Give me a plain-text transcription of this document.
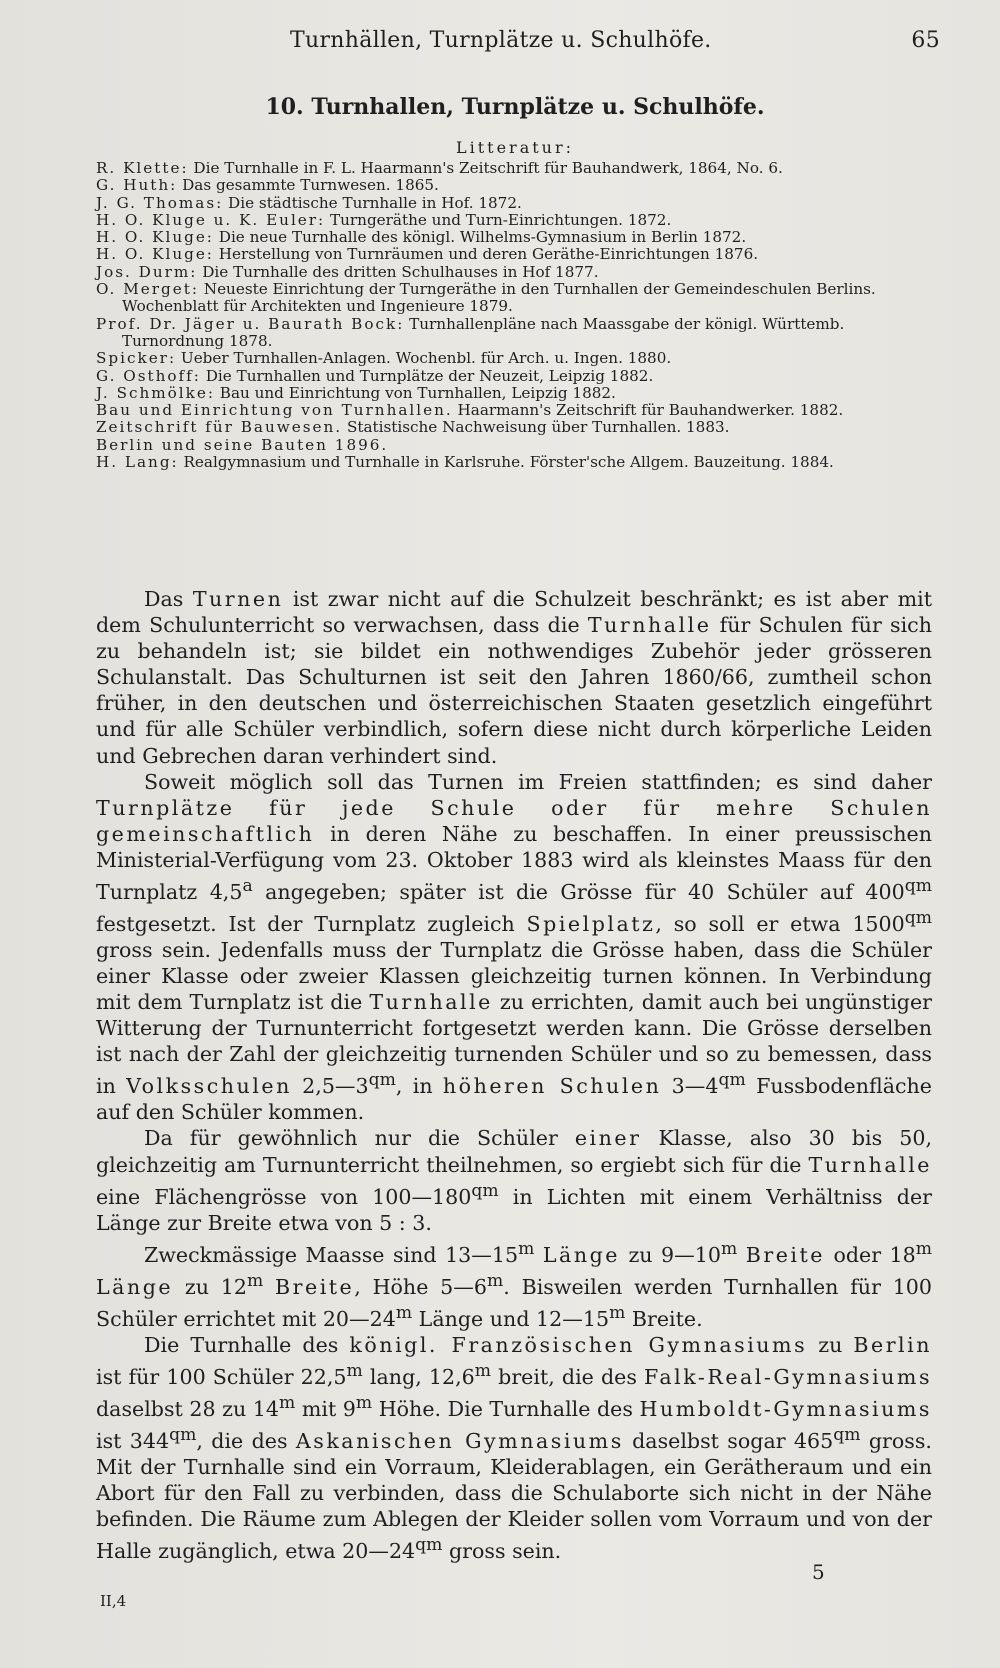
Turnhällen, Turnplätze u. Schulhöfe.	65
10. Turnhallen, Turnplätze u. Schulhöfe.
Litteratur:

R. Klette: Die Turnhalle in F. L. Haarmann's Zeitschrift für Bauhandwerk, 1864, No. 6.

G. Huth: Das gesammte Turnwesen. 1865.

J. G. Thomas: Die städtische Turnhalle in Hof. 1872.

H. O. Kluge u. K. Euler: Turngeräthe und Turn-Einrichtungen. 1872.

H. O. Kluge: Die neue Turnhalle des königl. Wilhelms-Gymnasium in Berlin 1872.

H. O. Kluge: Herstellung von Turnräumen und deren Geräthe-Einrichtungen 1876.

Jos. Durm: Die Turnhalle des dritten Schulhauses in Hof 1877.

O. Merget: Neueste Einrichtung der Turngeräthe in den Turnhallen der Gemeindeschulen Berlins. Wochenblatt für Architekten und Ingenieure 1879.

Prof. Dr. Jäger u. Baurath Bock: Turnhallenpläne nach Maassgabe der königl. Württemb. Turnordnung 1878.

Spicker: Ueber Turnhallen-Anlagen. Wochenbl. für Arch. u. Ingen. 1880.

G. Osthoff: Die Turnhallen und Turnplätze der Neuzeit, Leipzig 1882.

J. Schmölke: Bau und Einrichtung von Turnhallen, Leipzig 1882.

Bau und Einrichtung von Turnhallen. Haarmann's Zeitschrift für Bauhandwerker. 1882.

Zeitschrift für Bauwesen. Statistische Nachweisung über Turnhallen. 1883.

Berlin und seine Bauten 1896.

H. Lang: Realgymnasium und Turnhalle in Karlsruhe. Förster'sche Allgem. Bauzeitung. 1884.

Das Turnen ist zwar nicht auf die Schulzeit beschränkt; es ist aber mit dem Schulunterricht so verwachsen, dass die Turnhalle für Schulen für sich zu behandeln ist; sie bildet ein nothwendiges Zubehör jeder grösseren Schulanstalt. Das Schulturnen ist seit den Jahren 1860/66, zumtheil schon früher, in den deutschen und österreichischen Staaten gesetzlich eingeführt und für alle Schüler verbindlich, sofern diese nicht durch körperliche Leiden und Gebrechen daran verhindert sind.

Soweit möglich soll das Turnen im Freien stattfinden; es sind daher Turnplätze für jede Schule oder für mehre Schulen gemeinschaftlich in deren Nähe zu beschaffen. In einer preussischen Ministerial-Verfügung vom 23. Oktober 1883 wird als kleinstes Maass für den Turnplatz 4,5$^a$ angegeben; später ist die Grösse für 40 Schüler auf $400^{qm}$ festgesetzt. Ist der Turnplatz zugleich Spielplatz, so soll er etwa $1500^{qm}$ gross sein. Jedenfalls muss der Turnplatz die Grösse haben, dass die Schüler einer Klasse oder zweier Klassen gleichzeitig turnen können. In Verbindung mit dem Turnplatz ist die Turnhalle zu errichten, damit auch bei ungünstiger Witterung der Turnunterricht fortgesetzt werden kann. Die Grösse derselben ist nach der Zahl der gleichzeitig turnenden Schüler und so zu bemessen, dass in Volksschulen $2,5—3^{qm}$, in höheren Schulen $3—4^{qm}$ Fussbodenfläche auf den Schüler kommen.

Da für gewöhnlich nur die Schüler einer Klasse, also 30 bis 50, gleichzeitig am Turnunterricht theilnehmen, so ergiebt sich für die Turnhalle eine Flächengrösse von $100—180^{qm}$ in Lichten mit einem Verhältniss der Länge zur Breite etwa von 5 : 3.

Zweckmässige Maasse sind 13—15$^m$ Länge zu 9—10$^m$ Breite oder 18$^m$ Länge zu 12$^m$ Breite, Höhe 5—6$^m$. Bisweilen werden Turnhallen für 100 Schüler errichtet mit 20—24$^m$ Länge und 12—15$^m$ Breite.

Die Turnhalle des königl. Französischen Gymnasiums zu Berlin ist für 100 Schüler 22,5$^m$ lang, 12,6$^m$ breit, die des Falk-Real-Gymnasiums daselbst 28 zu 14$^m$ mit 9$^m$ Höhe. Die Turnhalle des Humboldt-Gymnasiums ist $344^{qm}$, die des Askanischen Gymnasiums daselbst sogar $465^{qm}$ gross. Mit der Turnhalle sind ein Vorraum, Kleiderablagen, ein Gerätheraum und ein Abort für den Fall zu verbinden, dass die Schulaborte sich nicht in der Nähe befinden. Die Räume zum Ablegen der Kleider sollen vom Vorraum und von der Halle zugänglich, etwa $20—24^{qm}$ gross sein.

5
II,4
